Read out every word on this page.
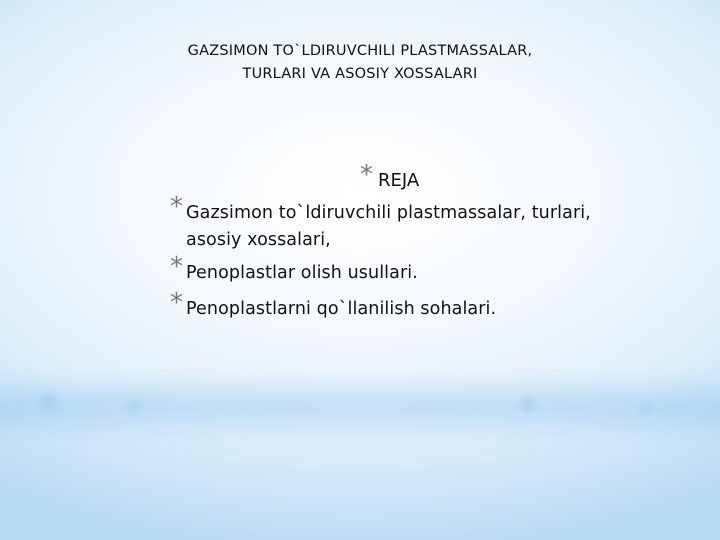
GAZSIMON TO`LDIRUVCHILI PLASTMASSALAR,
TURLARI VA ASOSIY XOSSALARI
* REJA
* Gazsimon to`ldiruvchili plastmassalar, turlari, asosiy xossalari,
* Penoplastlar olish usullari.
* Penoplastlarni qo`llanilish sohalari.
